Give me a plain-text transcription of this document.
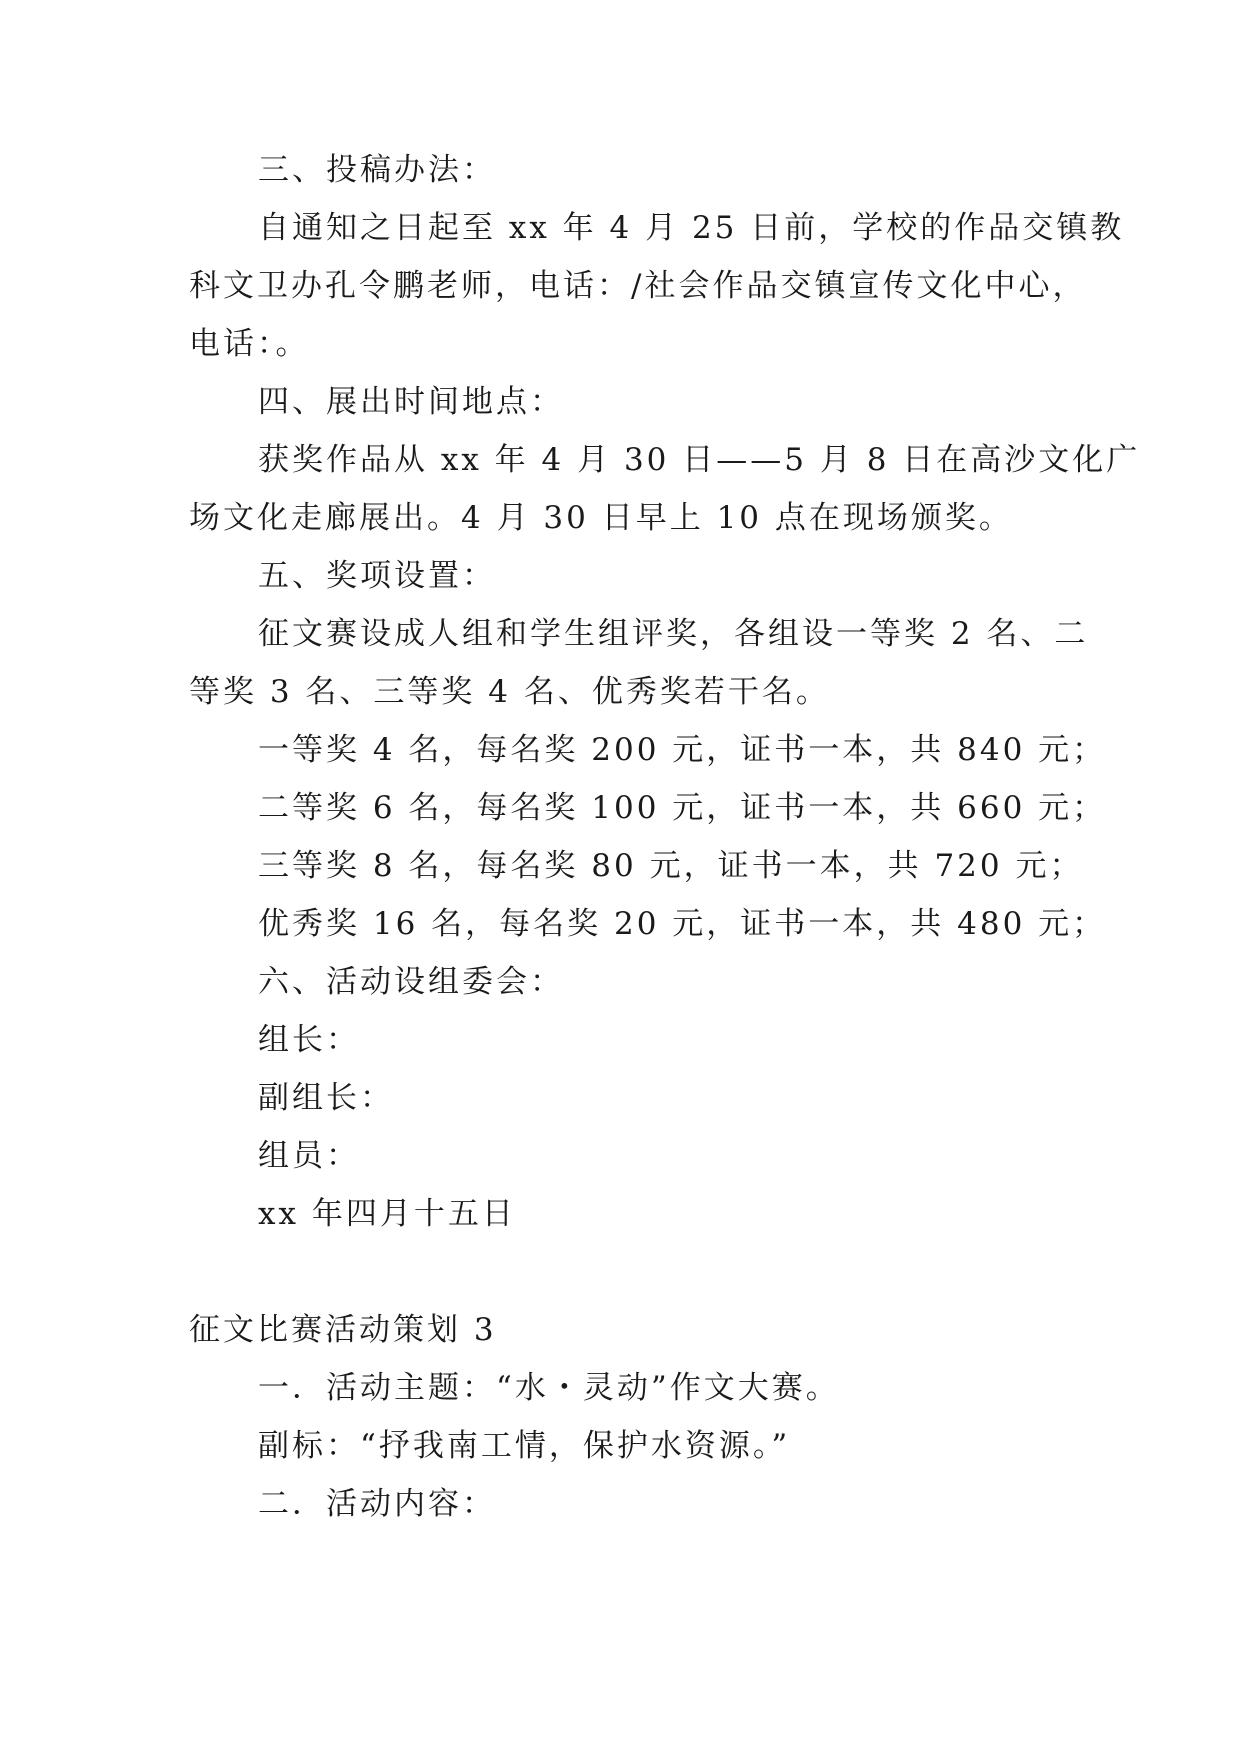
三、投稿办法：
自通知之日起至 xx 年 4 月 25 日前，学校的作品交镇教
科文卫办孔令鹏老师，电话：/社会作品交镇宣传文化中心，
电话：。
四、展出时间地点：
获奖作品从 xx 年 4 月 30 日——5 月 8 日在高沙文化广
场文化走廊展出。4 月 30 日早上 10 点在现场颁奖。
五、奖项设置：
征文赛设成人组和学生组评奖，各组设一等奖 2 名、二
等奖 3 名、三等奖 4 名、优秀奖若干名。
一等奖 4 名，每名奖 200 元，证书一本，共 840 元；
二等奖 6 名，每名奖 100 元，证书一本，共 660 元；
三等奖 8 名，每名奖 80 元，证书一本，共 720 元；
优秀奖 16 名，每名奖 20 元，证书一本，共 480 元；
六、活动设组委会：
组长：
副组长：
组员：
xx 年四月十五日
征文比赛活动策划 3
一．活动主题：“水・灵动”作文大赛。
副标：“抒我南工情，保护水资源。”
二．活动内容：
